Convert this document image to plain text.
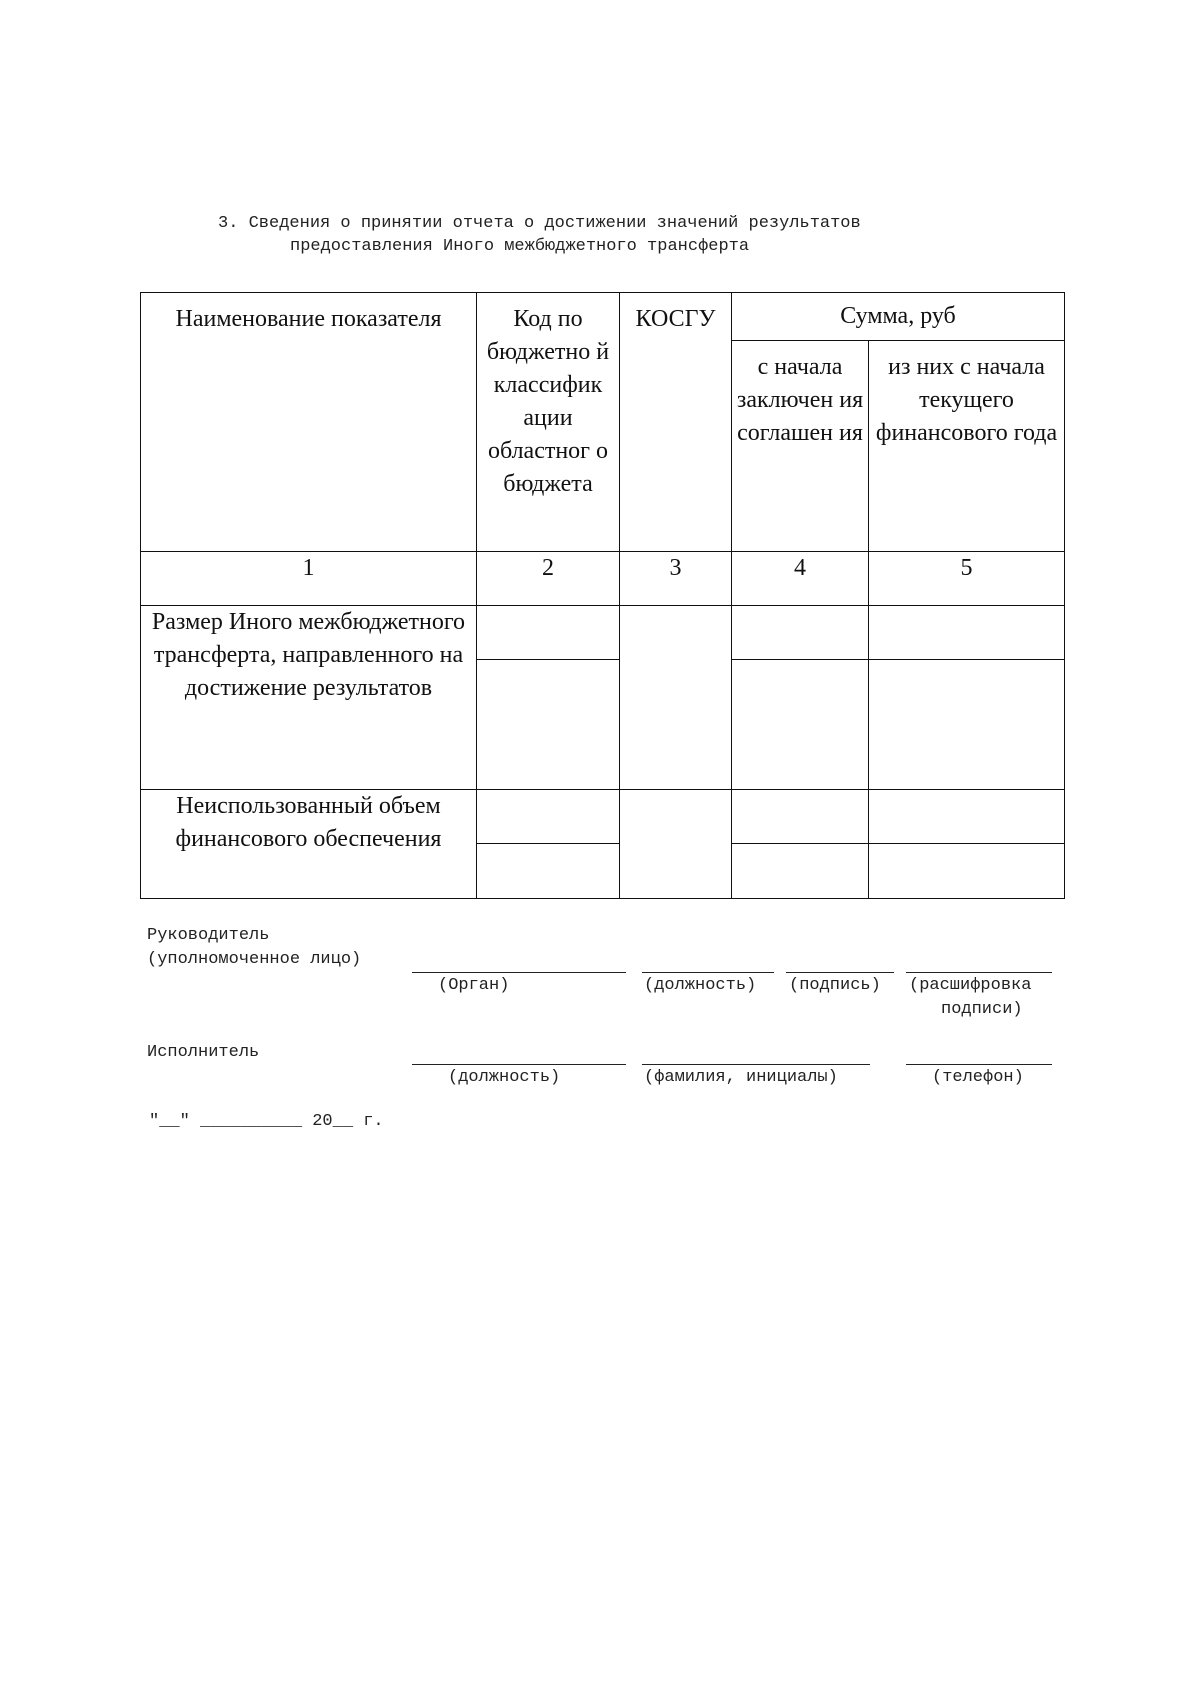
3. Сведения о принятии отчета о достижении значений результатов
предоставления Иного межбюджетного трансферта
Наименование показателя	Код по бюджетно й классифик ации областног о бюджета	КОСГУ	Сумма, руб	
			с начала заключен ия соглашен ия	из них с начала текущего финансового года
1	2	3	4	5
Размер Иного межбюджетного трансферта, направленного на достижение результатов				

Неиспользованный объем финансового обеспечения				

Руководитель
(уполномоченное лицо)
(Орган)	(должность) (подпись) (расшифровка
подписи)
Исполнитель
(должность)	(фамилия, инициалы)	(телефон)
"__" __________ 20__ г.
